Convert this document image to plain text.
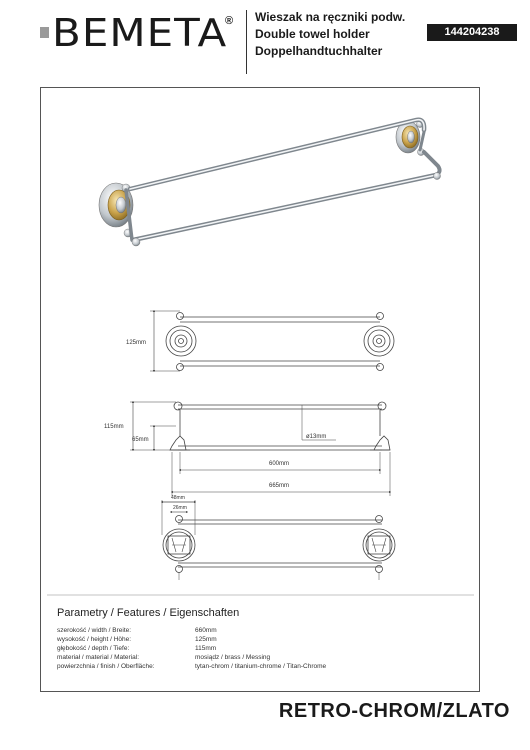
BEMETA
® Wieszak na ręczniki podw.
Double towel holder
Doppelhandtuchhalter
144204238
125mm
115mm
65mm	ø13mm
600mm
665mm
48mm
26mm
Parametry / Features / Eigenschaften
szerokość / width / Breite:	660mm
wysokość / height / Höhe:	125mm
głębokość / depth / Tiefe:	115mm
materiał / material / Material:	mosiądz / brass / Messing
powierzchnia / finish / Oberfläche:	tytan-chrom / titanium-chrome / Titan-Chrome
RETRO-CHROM/ZLATO
